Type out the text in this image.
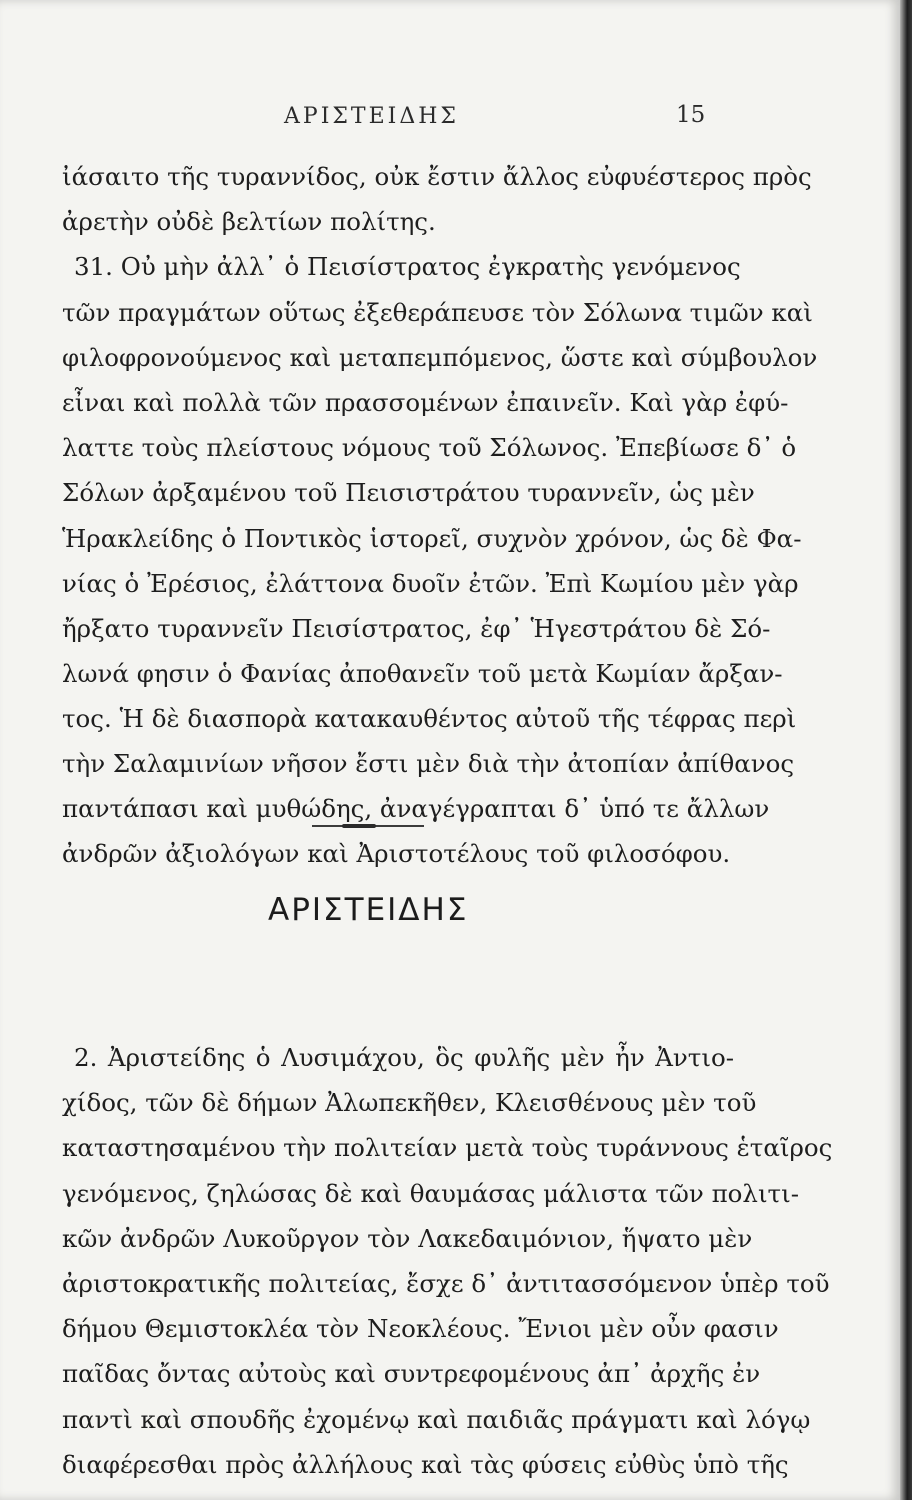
ΑΡΙΣΤΕΙΔΗΣ	15
ἰάσαιτο τῆς τυραννίδος, οὐκ ἔστιν ἄλλος εὐφυέστερος πρὸς
ἀρετὴν οὐδὲ βελτίων πολίτης.
31. Οὐ μὴν ἀλλ᾽ ὁ Πεισίστρατος ἐγκρατὴς γενόμενος
τῶν πραγμάτων οὕτως ἐξεθεράπευσε τὸν Σόλωνα τιμῶν καὶ
φιλοφρονούμενος καὶ μεταπεμπόμενος, ὥστε καὶ σύμβουλον
εἶναι καὶ πολλὰ τῶν πρασσομένων ἐπαινεῖν. Καὶ γὰρ ἐφύ-
λαττε τοὺς πλείστους νόμους τοῦ Σόλωνος. Ἐπεβίωσε δ᾽ ὁ
Σόλων ἀρξαμένου τοῦ Πεισιστράτου τυραννεῖν, ὡς μὲν
Ἡρακλείδης ὁ Ποντικὸς ἱστορεῖ, συχνὸν χρόνον, ὡς δὲ Φα-
νίας ὁ Ἐρέσιος, ἐλάττονα δυοῖν ἐτῶν. Ἐπὶ Κωμίου μὲν γὰρ
ἤρξατο τυραννεῖν Πεισίστρατος, ἐφ᾽ Ἡγεστράτου δὲ Σό-
λωνά φησιν ὁ Φανίας ἀποθανεῖν τοῦ μετὰ Κωμίαν ἄρξαν-
τος. Ἡ δὲ διασπορὰ κατακαυθέντος αὐτοῦ τῆς τέφρας περὶ
τὴν Σαλαμινίων νῆσον ἔστι μὲν διὰ τὴν ἀτοπίαν ἀπίθανος
παντάπασι καὶ μυθώδης, ἀναγέγραπται δ᾽ ὑπό τε ἄλλων
ἀνδρῶν ἀξιολόγων καὶ Ἀριστοτέλους τοῦ φιλοσόφου.
ΑΡΙΣΤΕΙΔΗΣ
2. Ἀριστείδης ὁ Λυσιμάχου, ὃς φυλῆς μὲν ἦν Ἀντιο-
χίδος, τῶν δὲ δήμων Ἀλωπεκῆθεν, Κλεισθένους μὲν τοῦ
καταστησαμένου τὴν πολιτείαν μετὰ τοὺς τυράννους ἑταῖρος
γενόμενος, ζηλώσας δὲ καὶ θαυμάσας μάλιστα τῶν πολιτι-
κῶν ἀνδρῶν Λυκοῦργον τὸν Λακεδαιμόνιον, ἥψατο μὲν
ἀριστοκρατικῆς πολιτείας, ἔσχε δ᾽ ἀντιτασσόμενον ὑπὲρ τοῦ
δήμου Θεμιστοκλέα τὸν Νεοκλέους. Ἔνιοι μὲν οὖν φασιν
παῖδας ὄντας αὐτοὺς καὶ συντρεφομένους ἀπ᾽ ἀρχῆς ἐν
παντὶ καὶ σπουδῆς ἐχομένῳ καὶ παιδιᾶς πράγματι καὶ λόγῳ
διαφέρεσθαι πρὸς ἀλλήλους καὶ τὰς φύσεις εὐθὺς ὑπὸ τῆς
